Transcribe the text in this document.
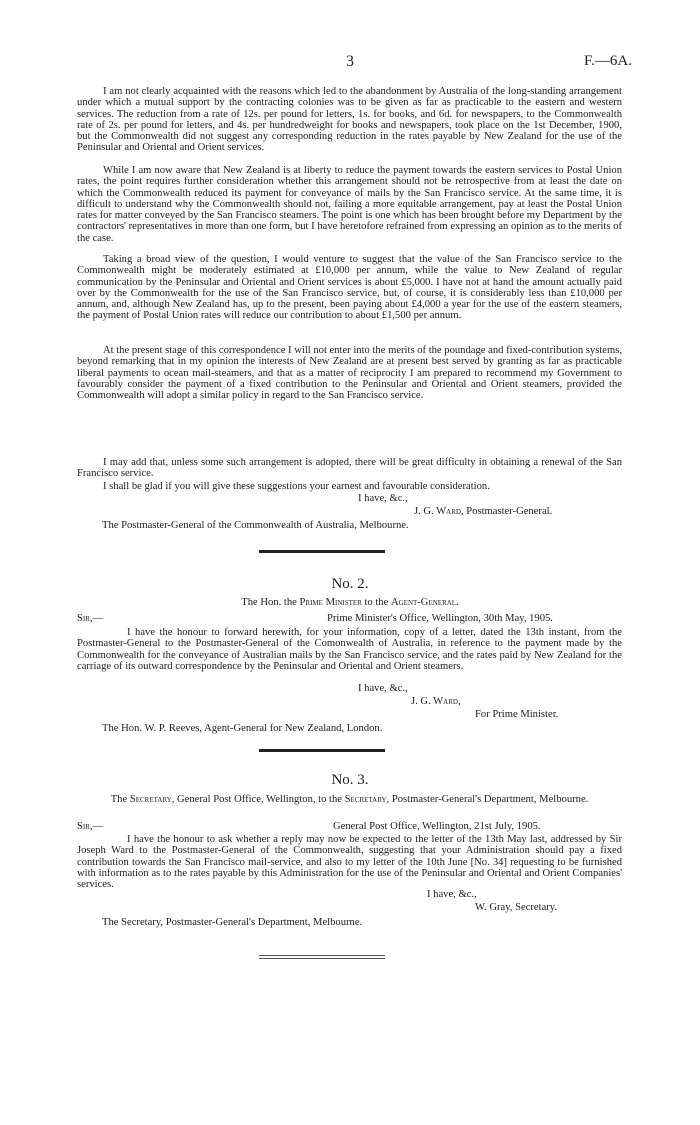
3	F.—6A.

I am not clearly acquainted with the reasons which led to the abandonment by Australia of the long-standing arrangement under which a mutual support by the contracting colonies was to be given as far as practicable to the eastern and western services. The reduction from a rate of 12s. per pound for letters, 1s. for books, and 6d. for newspapers, to the Commonwealth rate of 2s. per pound for letters, and 4s. per hundredweight for books and newspapers, took place on the 1st December, 1900, but the Commonwealth did not suggest any corresponding reduction in the rates payable by New Zealand for the use of the Peninsular and Oriental and Orient services.

While I am now aware that New Zealand is at liberty to reduce the payment towards the eastern services to Postal Union rates, the point requires further consideration whether this arrangement should not be retrospective from at least the date on which the Commonwealth reduced its payment for conveyance of mails by the San Francisco service. At the same time, it is difficult to understand why the Commonwealth should not, failing a more equitable arrangement, pay at least the Postal Union rates for matter conveyed by the San Francisco steamers. The point is one which has been brought before my Department by the contractors' representatives in more than one form, but I have heretofore refrained from expressing an opinion as to the merits of the case.

Taking a broad view of the question, I would venture to suggest that the value of the San Francisco service to the Commonwealth might be moderately estimated at £10,000 per annum, while the value to New Zealand of regular communication by the Peninsular and Oriental and Orient services is about £5,000. I have not at hand the amount actually paid over by the Commonwealth for the use of the San Francisco service, but, of course, it is considerably less than £10,000 per annum, and, although New Zealand has, up to the present, been paying about £4,000 a year for the use of the eastern steamers, the payment of Postal Union rates will reduce our contribution to about £1,500 per annum.

At the present stage of this correspondence I will not enter into the merits of the poundage and fixed-contribution systems, beyond remarking that in my opinion the interests of New Zealand are at present best served by granting as far as practicable liberal payments to ocean mail-steamers, and that as a matter of reciprocity I am prepared to recommend my Government to favourably consider the payment of a fixed contribution to the Peninsular and Oriental and Orient steamers, provided the Commonwealth will adopt a similar policy in regard to the San Francisco service.

I may add that, unless some such arrangement is adopted, there will be great difficulty in obtaining a renewal of the San Francisco service.

I shall be glad if you will give these suggestions your earnest and favourable consideration.

I have, &c.,
J. G. Ward, Postmaster-General.
The Postmaster-General of the Commonwealth of Australia, Melbourne.
No. 2.
The Hon. the Prime Minister to the Agent-General.
Sir,—	Prime Minister's Office, Wellington, 30th May, 1905.

I have the honour to forward herewith, for your information, copy of a letter, dated the 13th instant, from the Postmaster-General to the Postmaster-General of the Comonwealth of Australia, in reference to the payment made by the Commonwealth for the conveyance of Australian mails by the San Francisco service, and the rates paid by New Zealand for the carriage of its outward correspondence by the Peninsular and Oriental and Orient steamers.

I have, &c.,
J. G. Ward,
For Prime Minister.
The Hon. W. P. Reeves, Agent-General for New Zealand, London.
No. 3.
The Secretary, General Post Office, Wellington, to the Secretary, Postmaster-General's Department, Melbourne.
Sir,—	General Post Office, Wellington, 21st July, 1905.

I have the honour to ask whether a reply may now be expected to the letter of the 13th May last, addressed by Sir Joseph Ward to the Postmaster-General of the Commonwealth, suggesting that your Administration should pay a fixed contribution towards the San Francisco mail-service, and also to my letter of the 10th June [No. 34] requesting to be furnished with information as to the rates payable by this Administration for the use of the Peninsular and Oriental and Orient Companies' services.

I have, &c.,
W. Gray, Secretary.
The Secretary, Postmaster-General's Department, Melbourne.
